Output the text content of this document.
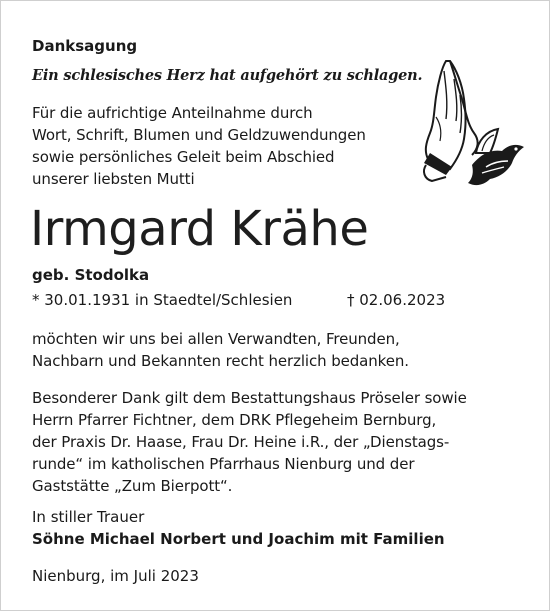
Danksagung

Ein schlesisches Herz hat aufgehört zu schlagen.

Für die aufrichtige Anteilnahme durch
Wort, Schrift, Blumen und Geldzuwendungen
sowie persönliches Geleit beim Abschied
unserer liebsten Mutti

Irmgard Krähe

geb. Stodolka

* 30.01.1931 in Staedtel/Schlesien	† 02.06.2023
möchten wir uns bei allen Verwandten, Freunden,
Nachbarn und Bekannten recht herzlich bedanken.
Besonderer Dank gilt dem Bestattungshaus Pröseler sowie
Herrn Pfarrer Fichtner, dem DRK Pflegeheim Bernburg,
der Praxis Dr. Haase, Frau Dr. Heine i.R., der „Dienstags-
runde“ im katholischen Pfarrhaus Nienburg und der
Gaststätte „Zum Bierpott“.

In stiller Trauer

Söhne Michael Norbert und Joachim mit Familien

Nienburg, im Juli 2023
